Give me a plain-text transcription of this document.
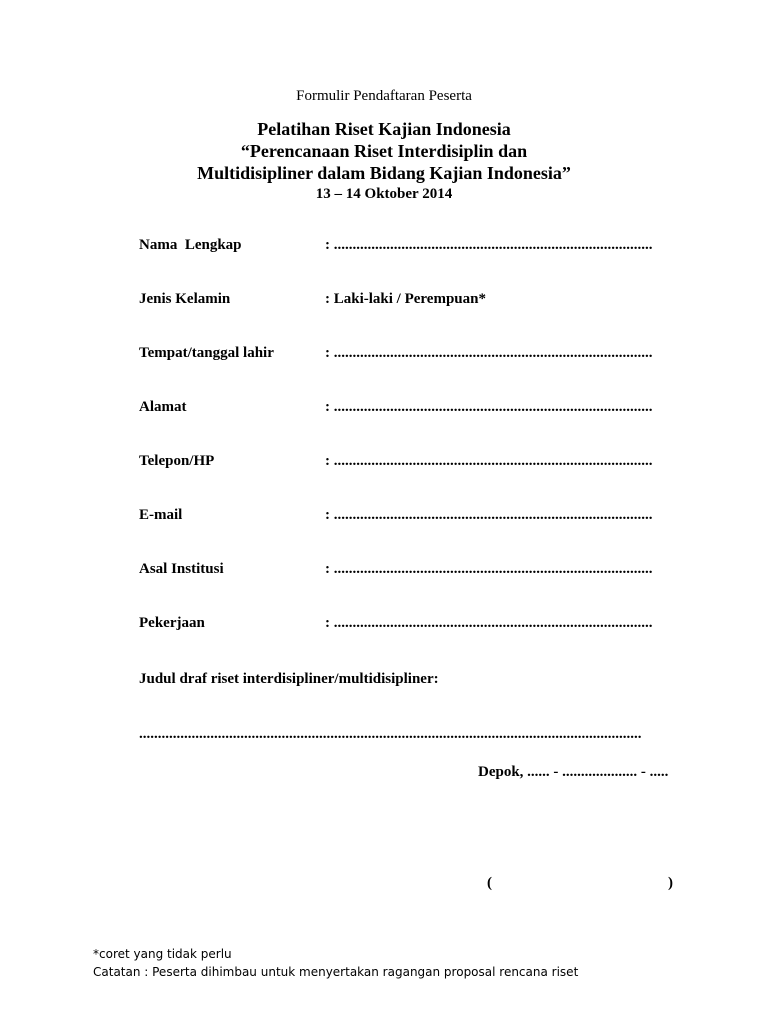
Formulir Pendaftaran Peserta
Pelatihan Riset Kajian Indonesia
“Perencanaan Riset Interdisiplin dan
Multidisipliner dalam Bidang Kajian Indonesia”
13 – 14 Oktober 2014
Nama  Lengkap	: .....................................................................................
Jenis Kelamin	: Laki-laki / Perempuan*
Tempat/tanggal lahir	: .....................................................................................
Alamat	: .....................................................................................
Telepon/HP	: .....................................................................................
E-mail	: .....................................................................................
Asal Institusi	: .....................................................................................
Pekerjaan	: .....................................................................................
Judul draf riset interdisipliner/multidisipliner:
......................................................................................................................................
Depok, ...... - .................... - .....
(	)
*coret yang tidak perlu
Catatan : Peserta dihimbau untuk menyertakan ragangan proposal rencana riset
